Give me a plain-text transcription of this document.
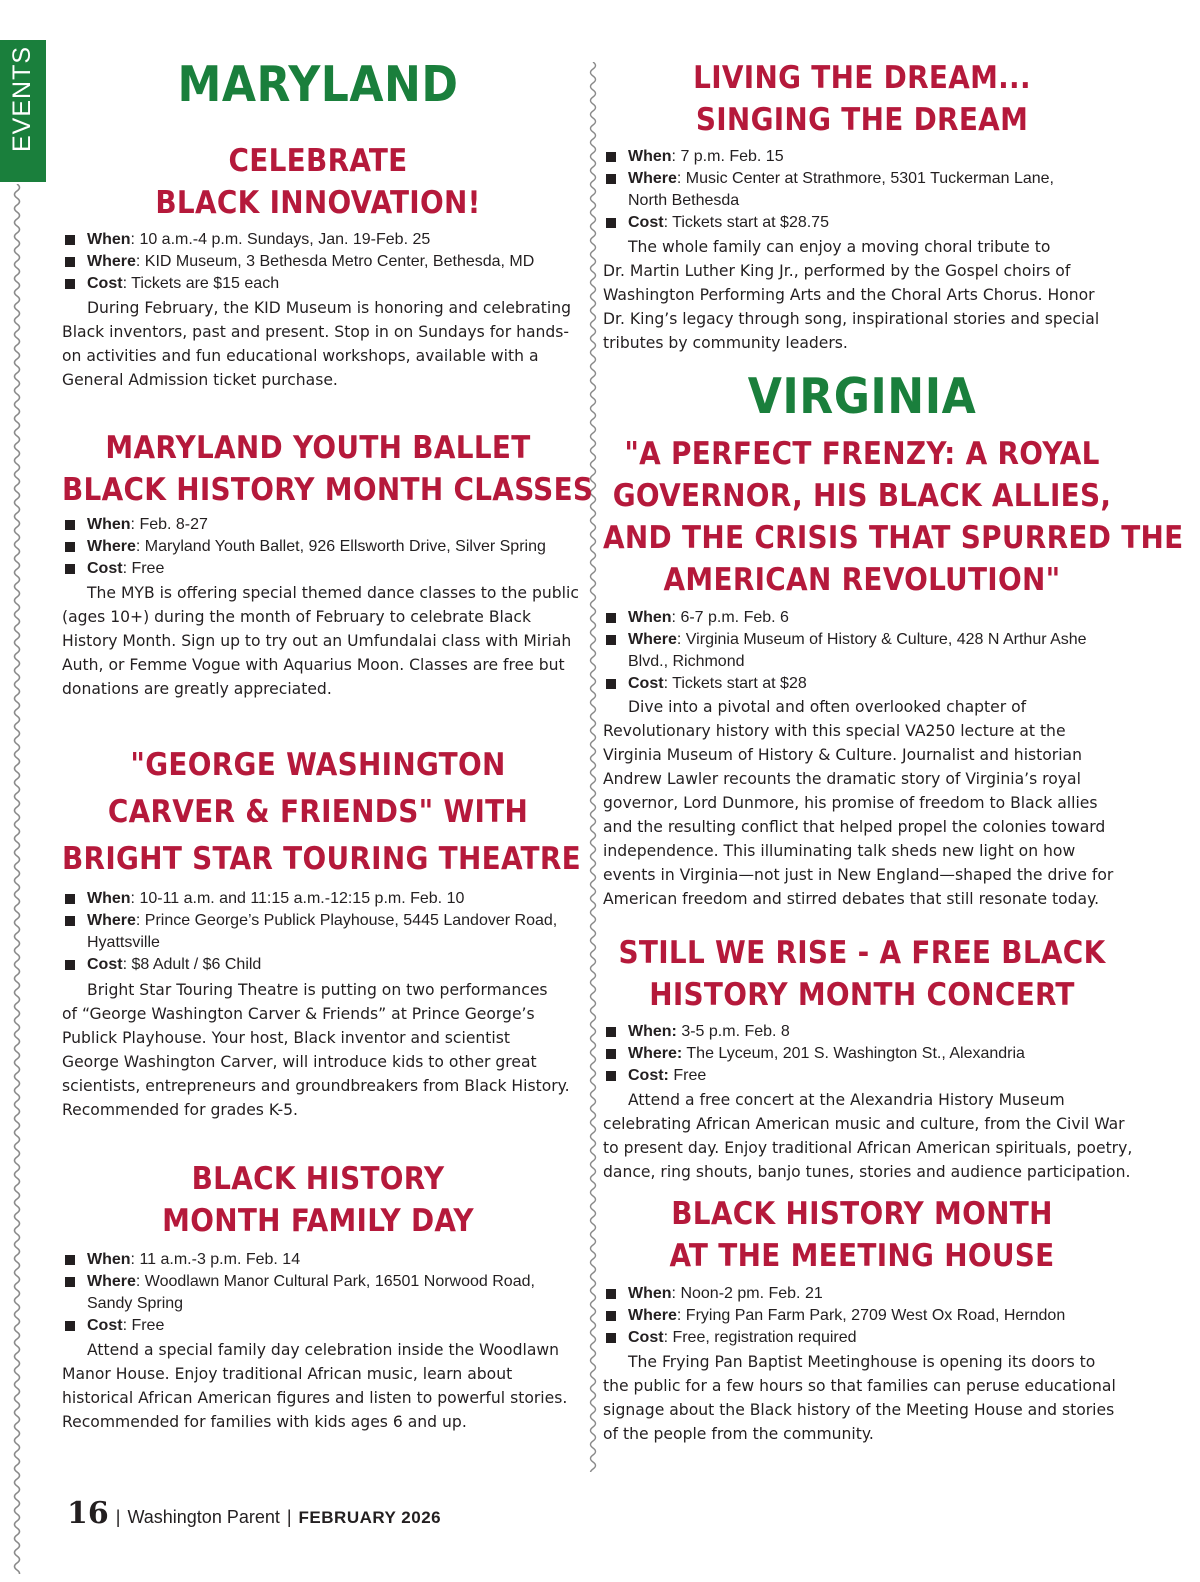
EVENTS	MARYLAND
CELEBRATE
BLACK INNOVATION!
When: 10 a.m.-4 p.m. Sundays, Jan. 19-Feb. 25
Where: KID Museum, 3 Bethesda Metro Center, Bethesda, MD
Cost: Tickets are $15 each

During February, the KID Museum is honoring and celebrating
Black inventors, past and present. Stop in on Sundays for hands-
on activities and fun educational workshops, available with a
General Admission ticket purchase.

MARYLAND YOUTH BALLET
BLACK HISTORY MONTH CLASSES
When: Feb. 8-27
Where: Maryland Youth Ballet, 926 Ellsworth Drive, Silver Spring
Cost: Free

The MYB is offering special themed dance classes to the public
(ages 10+) during the month of February to celebrate Black
History Month. Sign up to try out an Umfundalai class with Miriah
Auth, or Femme Vogue with Aquarius Moon. Classes are free but
donations are greatly appreciated.

"GEORGE WASHINGTON
CARVER & FRIENDS" WITH
BRIGHT STAR TOURING THEATRE
When: 10-11 a.m. and 11:15 a.m.-12:15 p.m. Feb. 10
Where: Prince George’s Publick Playhouse, 5445 Landover Road,
Hyattsville
Cost: $8 Adult / $6 Child

Bright Star Touring Theatre is putting on two performances
of “George Washington Carver & Friends” at Prince George’s
Publick Playhouse. Your host, Black inventor and scientist
George Washington Carver, will introduce kids to other great
scientists, entrepreneurs and groundbreakers from Black History.
Recommended for grades K-5.

BLACK HISTORY
MONTH FAMILY DAY
When: 11 a.m.-3 p.m. Feb. 14
Where: Woodlawn Manor Cultural Park, 16501 Norwood Road,
Sandy Spring
Cost: Free

Attend a special family day celebration inside the Woodlawn
Manor House. Enjoy traditional African music, learn about
historical African American figures and listen to powerful stories.
Recommended for families with kids ages 6 and up.

LIVING THE DREAM...
SINGING THE DREAM
When: 7 p.m. Feb. 15
Where: Music Center at Strathmore, 5301 Tuckerman Lane,
North Bethesda
Cost: Tickets start at $28.75

The whole family can enjoy a moving choral tribute to
Dr. Martin Luther King Jr., performed by the Gospel choirs of
Washington Performing Arts and the Choral Arts Chorus. Honor
Dr. King’s legacy through song, inspirational stories and special
tributes by community leaders.

VIRGINIA
"A PERFECT FRENZY: A ROYAL
GOVERNOR, HIS BLACK ALLIES,
AND THE CRISIS THAT SPURRED THE
AMERICAN REVOLUTION"
When: 6-7 p.m. Feb. 6
Where: Virginia Museum of History & Culture, 428 N Arthur Ashe
Blvd., Richmond
Cost: Tickets start at $28

Dive into a pivotal and often overlooked chapter of
Revolutionary history with this special VA250 lecture at the
Virginia Museum of History & Culture. Journalist and historian
Andrew Lawler recounts the dramatic story of Virginia’s royal
governor, Lord Dunmore, his promise of freedom to Black allies
and the resulting conflict that helped propel the colonies toward
independence. This illuminating talk sheds new light on how
events in Virginia—not just in New England—shaped the drive for
American freedom and stirred debates that still resonate today.

STILL WE RISE - A FREE BLACK
HISTORY MONTH CONCERT
When: 3-5 p.m. Feb. 8
Where: The Lyceum, 201 S. Washington St., Alexandria
Cost: Free

Attend a free concert at the Alexandria History Museum
celebrating African American music and culture, from the Civil War
to present day. Enjoy traditional African American spirituals, poetry,
dance, ring shouts, banjo tunes, stories and audience participation.

BLACK HISTORY MONTH
AT THE MEETING HOUSE
When: Noon-2 pm. Feb. 21
Where: Frying Pan Farm Park, 2709 West Ox Road, Herndon
Cost: Free, registration required

The Frying Pan Baptist Meetinghouse is opening its doors to
the public for a few hours so that families can peruse educational
signage about the Black history of the Meeting House and stories
of the people from the community.

16 | Washington Parent | FEBRUARY 2026
